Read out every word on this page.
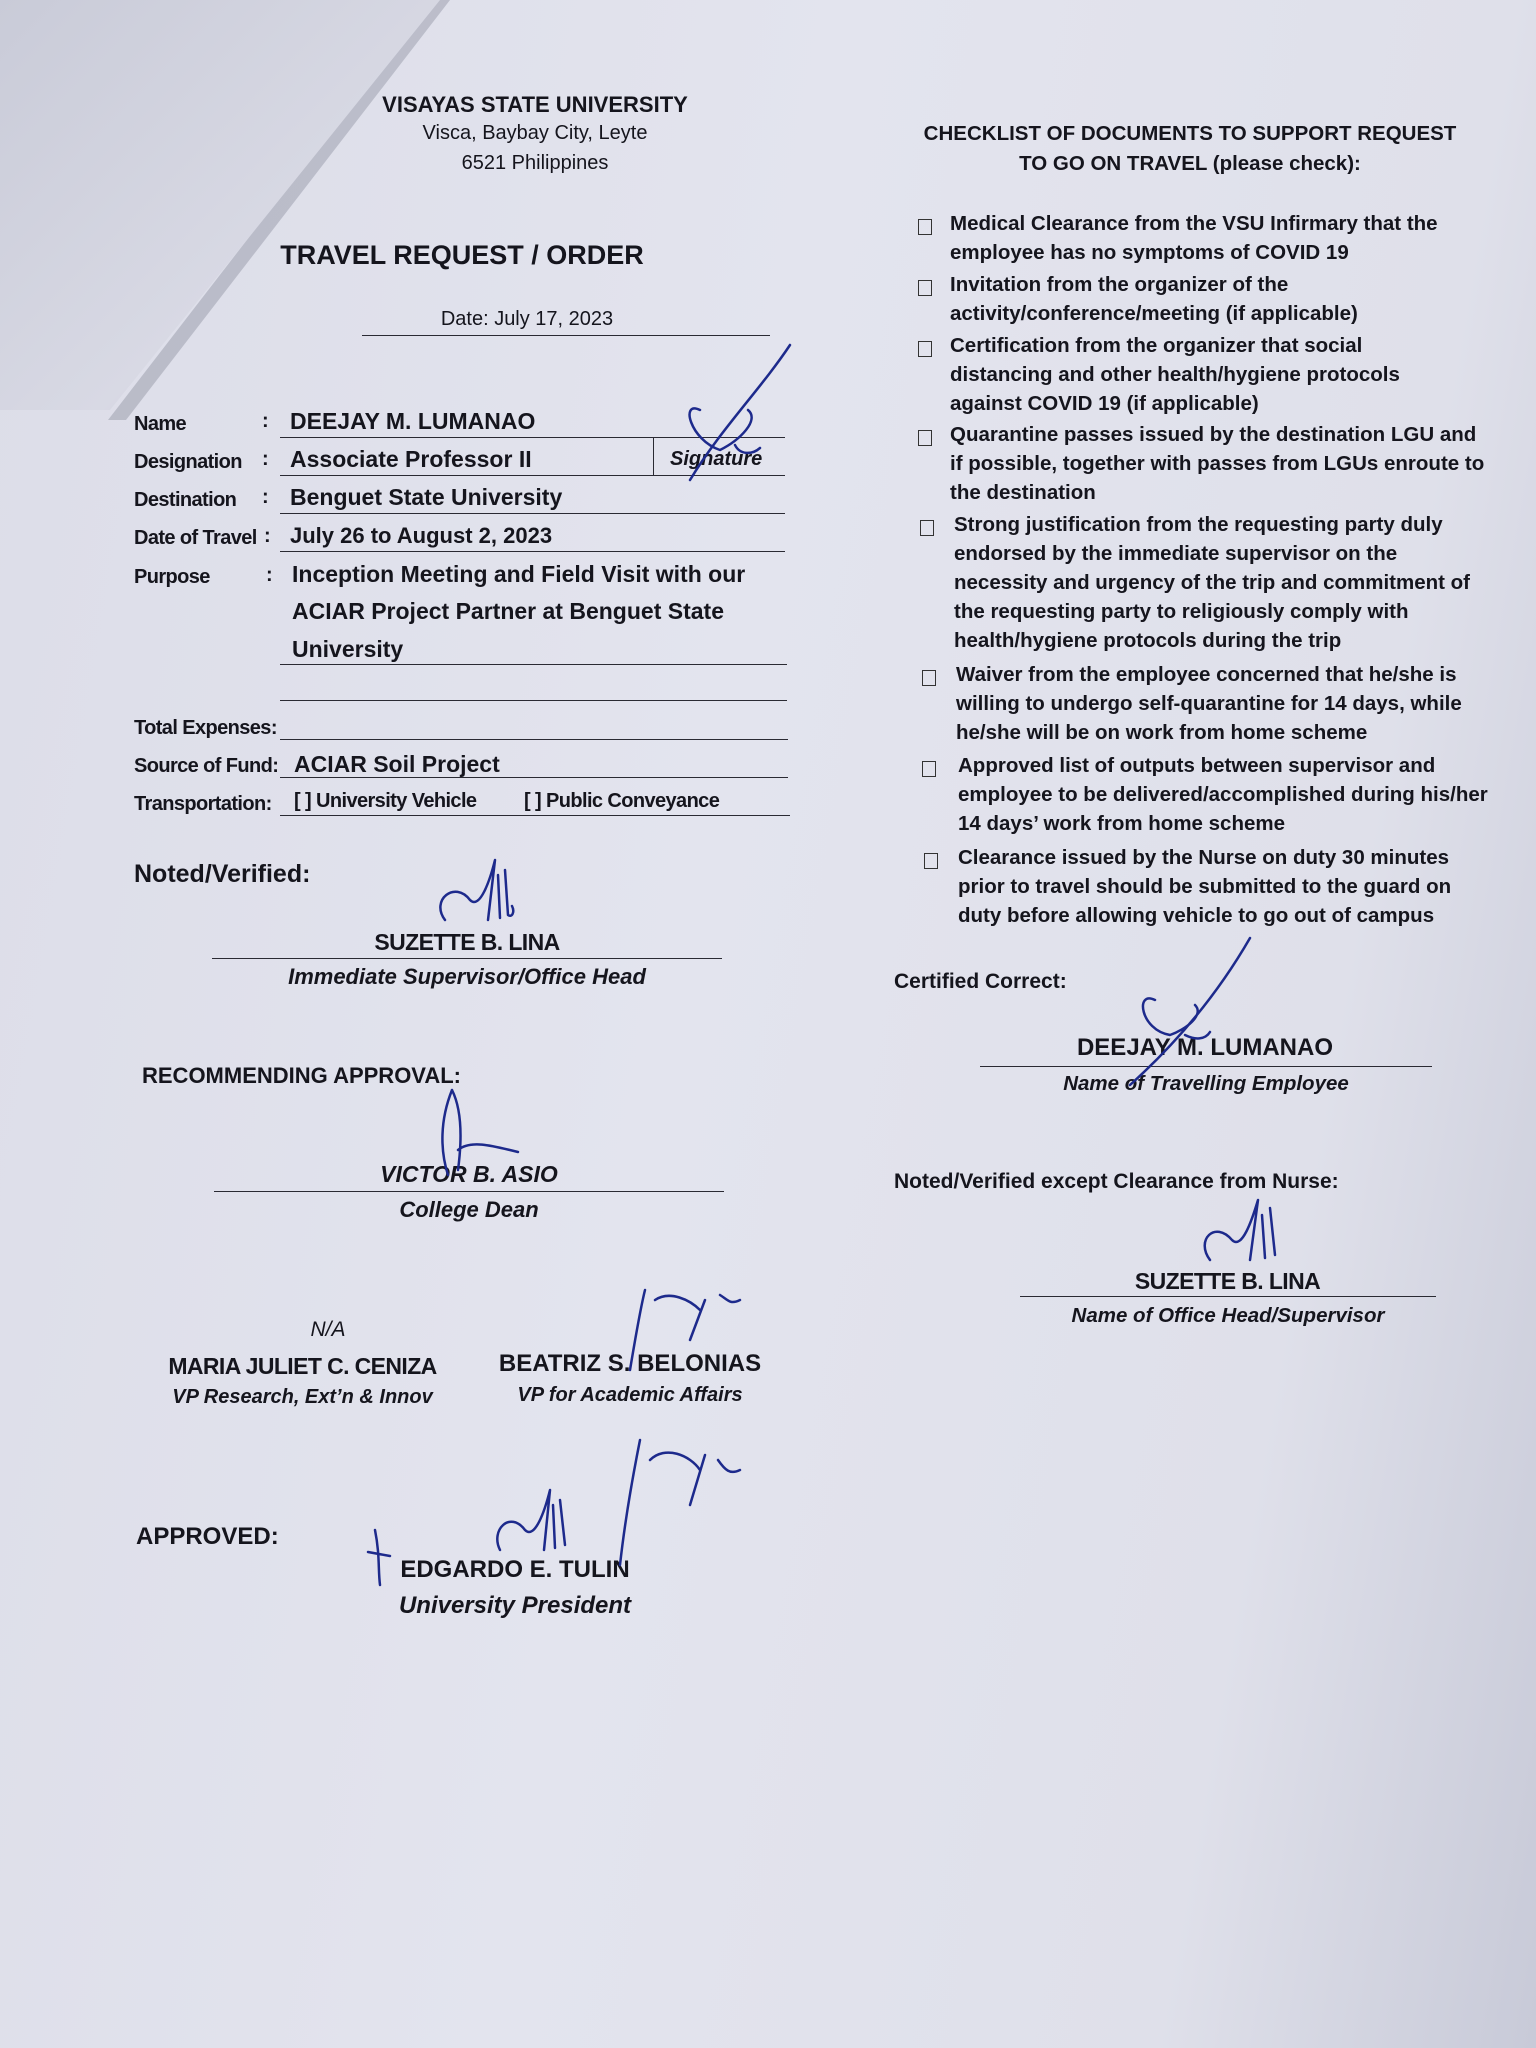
VISAYAS STATE UNIVERSITY
Visca, Baybay City, Leyte
6521 Philippines
TRAVEL REQUEST / ORDER
Date: July 17, 2023
Name	: DEEJAY M. LUMANAO
Designation : Associate Professor II	Signature
Destination : Benguet State University
Date of Travel : July 26 to August 2, 2023
Purpose	: Inception Meeting and Field Visit with our
ACIAR Project Partner at Benguet State
University
Total Expenses:
Source of Fund: ACIAR Soil Project
Transportation: [ ] University Vehicle [ ] Public Conveyance
Noted/Verified:
SUZETTE B. LINA
Immediate Supervisor/Office Head
RECOMMENDING APPROVAL:
VICTOR B. ASIO
College Dean
N/A
MARIA JULIET C. CENIZA
VP Research, Ext’n & Innov
BEATRIZ S. BELONIAS
VP for Academic Affairs
APPROVED:
EDGARDO E. TULIN
University President
CHECKLIST OF DOCUMENTS TO SUPPORT REQUEST
TO GO ON TRAVEL (please check):
Medical Clearance from the VSU Infirmary that the employee has no symptoms of COVID 19
Invitation from the organizer of the activity/conference/meeting (if applicable)
Certification from the organizer that social distancing and other health/hygiene protocols against COVID 19 (if applicable)
Quarantine passes issued by the destination LGU and if possible, together with passes from LGUs enroute to the destination
Strong justification from the requesting party duly endorsed by the immediate supervisor on the necessity and urgency of the trip and commitment of the requesting party to religiously comply with health/hygiene protocols during the trip
Waiver from the employee concerned that he/she is willing to undergo self-quarantine for 14 days, while he/she will be on work from home scheme
Approved list of outputs between supervisor and employee to be delivered/accomplished during his/her 14 days’ work from home scheme
Clearance issued by the Nurse on duty 30 minutes prior to travel should be submitted to the guard on duty before allowing vehicle to go out of campus
Certified Correct:
DEEJAY M. LUMANAO
Name of Travelling Employee
Noted/Verified except Clearance from Nurse:
SUZETTE B. LINA
Name of Office Head/Supervisor
